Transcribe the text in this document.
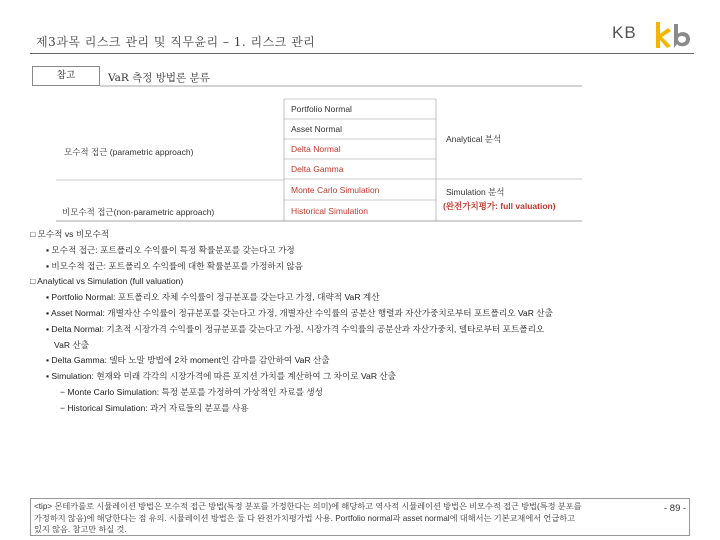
제3과목 리스크 관리 및 직무윤리 – 1. 리스크 관리	KB
참고	VaR 측정 방법론 분류
모수적 접근 (parametric approach)
비모수적 접근(non-parametric approach)
Portfolio Normal
Asset Normal
Delta Normal
Delta Gamma
Monte Carlo Simulation
Historical Simulation
Analytical 분석
Simulation 분석
(완전가치평가: full valuation)
□ 모수적 vs 비모수적
▪ 모수적 접근: 포트폴리오 수익률이 특정 확률분포를 갖는다고 가정
▪ 비모수적 접근: 포트폴리오 수익률에 대한 확률분포를 가정하지 않음
□ Analytical vs Simulation (full valuation)
▪ Portfolio Normal: 포트폴리오 자체 수익률이 정규분포를 갖는다고 가정, 대략적 VaR 계산
▪ Asset Normal: 개별자산 수익률이 정규분포를 갖는다고 가정, 개별자산 수익률의 공분산 행렬과 자산가중치로부터 포트폴리오 VaR 산출
▪ Delta Normal: 기초적 시장가격 수익률이 정규분포를 갖는다고 가정, 시장가격 수익률의 공분산과 자산가중치, 델타로부터 포트폴리오
VaR 산출
▪ Delta Gamma: 델타 노말 방법에 2차 moment인 감마를 감안하여 VaR 산출
▪ Simulation: 현재와 미래 각각의 시장가격에 따른 포지션 가치를 계산하여 그 차이로 VaR 산출
− Monte Carlo Simulation: 특정 분포를 가정하여 가상적인 자료를 생성
− Historical Simulation: 과거 자료들의 분포를 사용
<tip> 몬테카를로 시뮬레이션 방법은 모수적 접근 방법(특정 분포를 가정한다는 의미)에 해당하고 역사적 시뮬레이션 방법은 비모수적 접근 방법(특정 분포를
가정하지 않음)에 해당한다는 점 유의. 시뮬레이션 방법은 둘 다 완전가치평가법 사용. Portfolio normal과 asset normal에 대해서는 기본교재에서 언급하고
있지 않음. 참고만 하실 것.
- 89 -
